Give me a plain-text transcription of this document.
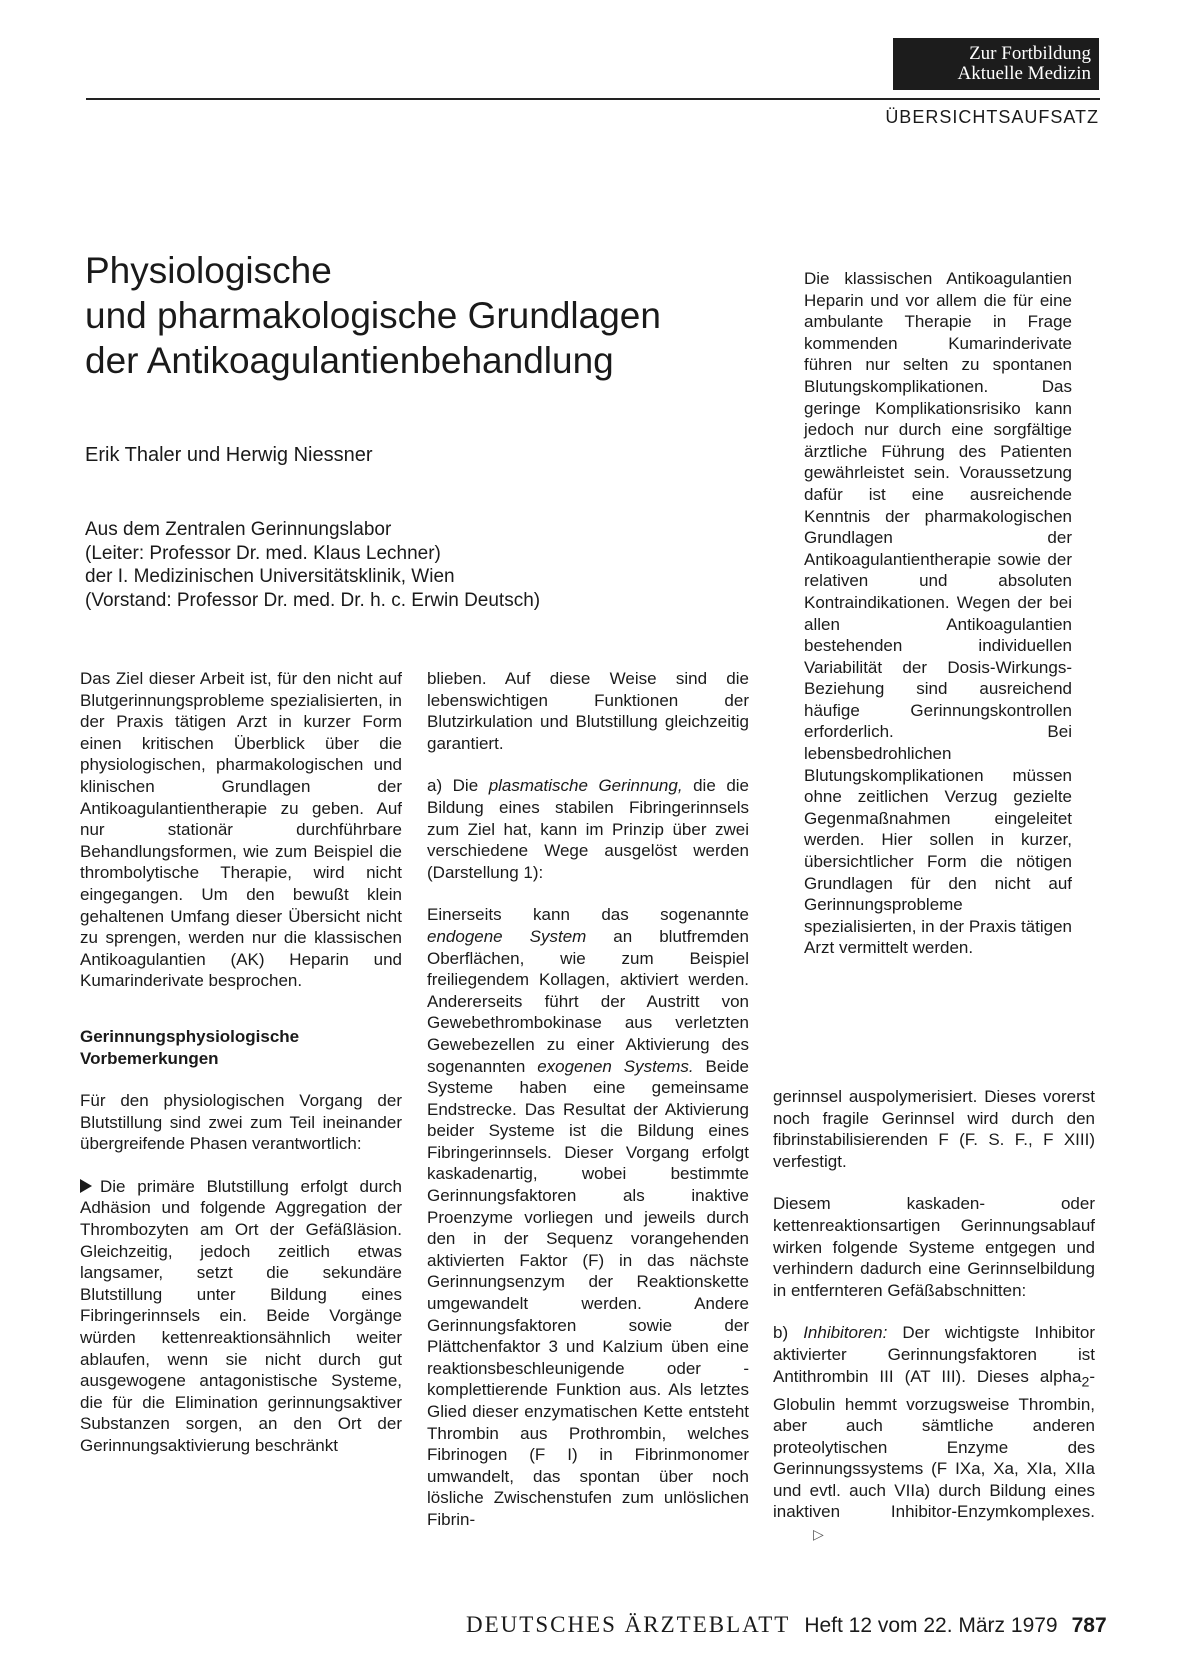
Zur Fortbildung
Aktuelle Medizin
ÜBERSICHTSAUFSATZ
Physiologische
und pharmakologische Grundlagen
der Antikoagulantienbehandlung
Erik Thaler und Herwig Niessner
Aus dem Zentralen Gerinnungslabor
(Leiter: Professor Dr. med. Klaus Lechner)
der I. Medizinischen Universitätsklinik, Wien
(Vorstand: Professor Dr. med. Dr. h. c. Erwin Deutsch)

Das Ziel dieser Arbeit ist, für den nicht auf Blutgerinnungsprobleme spezialisierten, in der Praxis tätigen Arzt in kurzer Form einen kritischen Überblick über die physiologischen, pharmakologischen und klinischen Grundlagen der Antikoagulantientherapie zu geben. Auf nur stationär durchführbare Behandlungsformen, wie zum Beispiel die thrombolytische Therapie, wird nicht eingegangen. Um den bewußt klein gehaltenen Umfang dieser Übersicht nicht zu sprengen, werden nur die klassischen Antikoagulantien (AK) Heparin und Kumarinderivate besprochen.

Gerinnungsphysiologische
Vorbemerkungen

Für den physiologischen Vorgang der Blutstillung sind zwei zum Teil ineinander übergreifende Phasen verantwortlich:

Die primäre Blutstillung erfolgt durch Adhäsion und folgende Aggregation der Thrombozyten am Ort der Gefäßläsion. Gleichzeitig, jedoch zeitlich etwas langsamer, setzt die sekundäre Blutstillung unter Bildung eines Fibringerinnsels ein. Beide Vorgänge würden kettenreaktionsähnlich weiter ablaufen, wenn sie nicht durch gut ausgewogene antagonistische Systeme, die für die Elimination gerinnungsaktiver Substanzen sorgen, an den Ort der Gerinnungsaktivierung beschränkt

blieben. Auf diese Weise sind die lebenswichtigen Funktionen der Blutzirkulation und Blutstillung gleichzeitig garantiert.

a) Die plasmatische Gerinnung, die die Bildung eines stabilen Fibringerinnsels zum Ziel hat, kann im Prinzip über zwei verschiedene Wege ausgelöst werden (Darstellung 1):

Einerseits kann das sogenannte endogene System an blutfremden Oberflächen, wie zum Beispiel freiliegendem Kollagen, aktiviert werden. Andererseits führt der Austritt von Gewebethrombokinase aus verletzten Gewebezellen zu einer Aktivierung des sogenannten exogenen Systems. Beide Systeme haben eine gemeinsame Endstrecke. Das Resultat der Aktivierung beider Systeme ist die Bildung eines Fibringerinnsels. Dieser Vorgang erfolgt kaskadenartig, wobei bestimmte Gerinnungsfaktoren als inaktive Proenzyme vorliegen und jeweils durch den in der Sequenz vorangehenden aktivierten Faktor (F) in das nächste Gerinnungsenzym der Reaktionskette umgewandelt werden. Andere Gerinnungsfaktoren sowie der Plättchenfaktor 3 und Kalzium üben eine reaktionsbeschleunigende oder -komplettierende Funktion aus. Als letztes Glied dieser enzymatischen Kette entsteht Thrombin aus Prothrombin, welches Fibrinogen (F I) in Fibrinmonomer umwandelt, das spontan über noch lösliche Zwischenstufen zum unlöslichen Fibrin-

Die klassischen Antikoagulantien Heparin und vor allem die für eine ambulante Therapie in Frage kommenden Kumarinderivate führen nur selten zu spontanen Blutungskomplikationen. Das geringe Komplikationsrisiko kann jedoch nur durch eine sorgfältige ärztliche Führung des Patienten gewährleistet sein. Voraussetzung dafür ist eine ausreichende Kenntnis der pharmakologischen Grundlagen der Antikoagulantientherapie sowie der relativen und absoluten Kontraindikationen. Wegen der bei allen Antikoagulantien bestehenden individuellen Variabilität der Dosis-Wirkungs-Beziehung sind ausreichend häufige Gerinnungskontrollen erforderlich. Bei lebensbedrohlichen Blutungskomplikationen müssen ohne zeitlichen Verzug gezielte Gegenmaßnahmen eingeleitet werden. Hier sollen in kurzer, übersichtlicher Form die nötigen Grundlagen für den nicht auf Gerinnungsprobleme spezialisierten, in der Praxis tätigen Arzt vermittelt werden.

gerinnsel auspolymerisiert. Dieses vorerst noch fragile Gerinnsel wird durch den fibrinstabilisierenden F (F. S. F., F XIII) verfestigt.

Diesem kaskaden- oder kettenreaktionsartigen Gerinnungsablauf wirken folgende Systeme entgegen und verhindern dadurch eine Gerinnselbildung in entfernteren Gefäßabschnitten:

b) Inhibitoren: Der wichtigste Inhibitor aktivierter Gerinnungsfaktoren ist Antithrombin III (AT III). Dieses alpha$_2$-Globulin hemmt vorzugsweise Thrombin, aber auch sämtliche anderen proteolytischen Enzyme des Gerinnungssystems (F IXa, Xa, XIa, XIIa und evtl. auch VIIa) durch Bildung eines inaktiven Inhibitor-Enzymkomplexes.▷

DEUTSCHES ÄRZTEBLATT Heft 12 vom 22. März 1979 787
